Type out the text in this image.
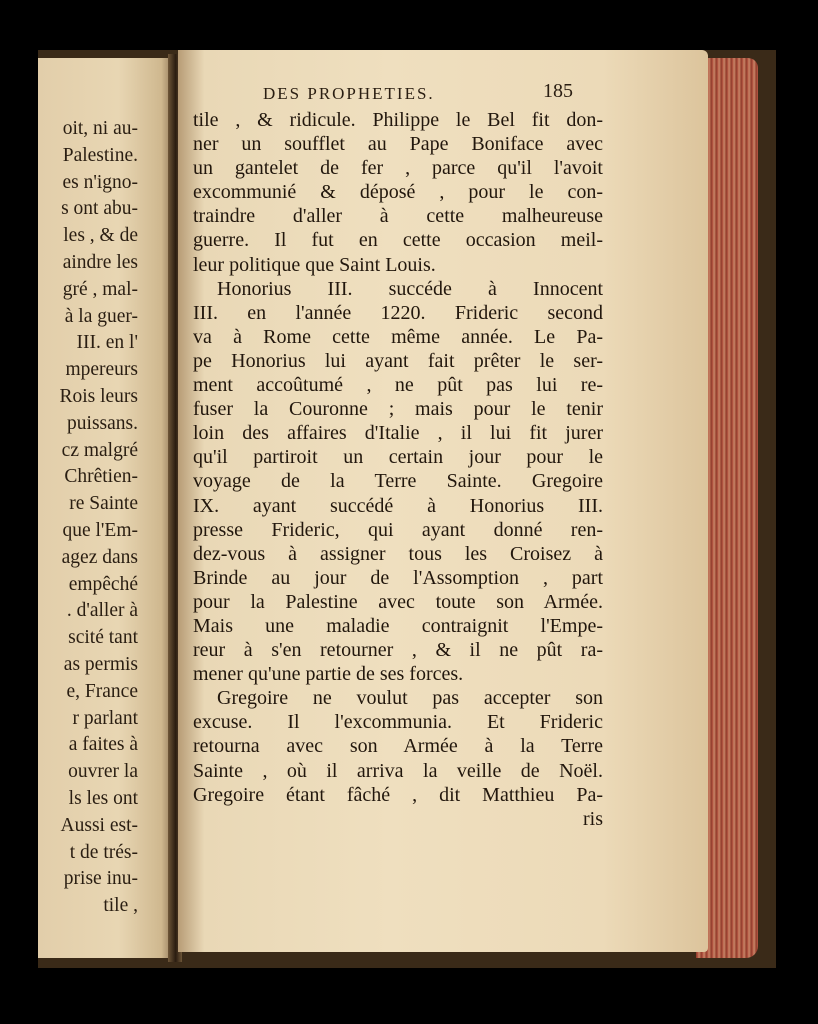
oit, ni au-
Palestine.
es n'igno-
s ont abu-
les , & de
aindre les
gré , mal-
à la guer-
III. en l'
mpereurs
Rois leurs
puissans.
cz malgré
Chrêtien-
re Sainte
que l'Em-
agez dans
empêché
. d'aller à
scité tant
as permis
e, France
r parlant
a faites à
ouvrer la
ls les ont
Aussi est-
t de trés-
prise inu-
tile ,
DES PROPHETIES.	185
tile , & ridicule. Philippe le Bel fit don-
ner un soufflet au Pape Boniface avec
un gantelet de fer , parce qu'il l'avoit
excommunié & déposé , pour le con-
traindre d'aller à cette malheureuse
guerre. Il fut en cette occasion meil-
leur politique que Saint Louis.
Honorius III. succéde à Innocent
III. en l'année 1220. Frideric second
va à Rome cette même année. Le Pa-
pe Honorius lui ayant fait prêter le ser-
ment accoûtumé , ne pût pas lui re-
fuser la Couronne ; mais pour le tenir
loin des affaires d'Italie , il lui fit jurer
qu'il partiroit un certain jour pour le
voyage de la Terre Sainte. Gregoire
IX. ayant succédé à Honorius III.
presse Frideric, qui ayant donné ren-
dez-vous à assigner tous les Croisez à
Brinde au jour de l'Assomption , part
pour la Palestine avec toute son Armée.
Mais une maladie contraignit l'Empe-
reur à s'en retourner , & il ne pût ra-
mener qu'une partie de ses forces.
Gregoire ne voulut pas accepter son
excuse. Il l'excommunia. Et Frideric
retourna avec son Armée à la Terre
Sainte , où il arriva la veille de Noël.
Gregoire étant fâché , dit Matthieu Pa-
ris
